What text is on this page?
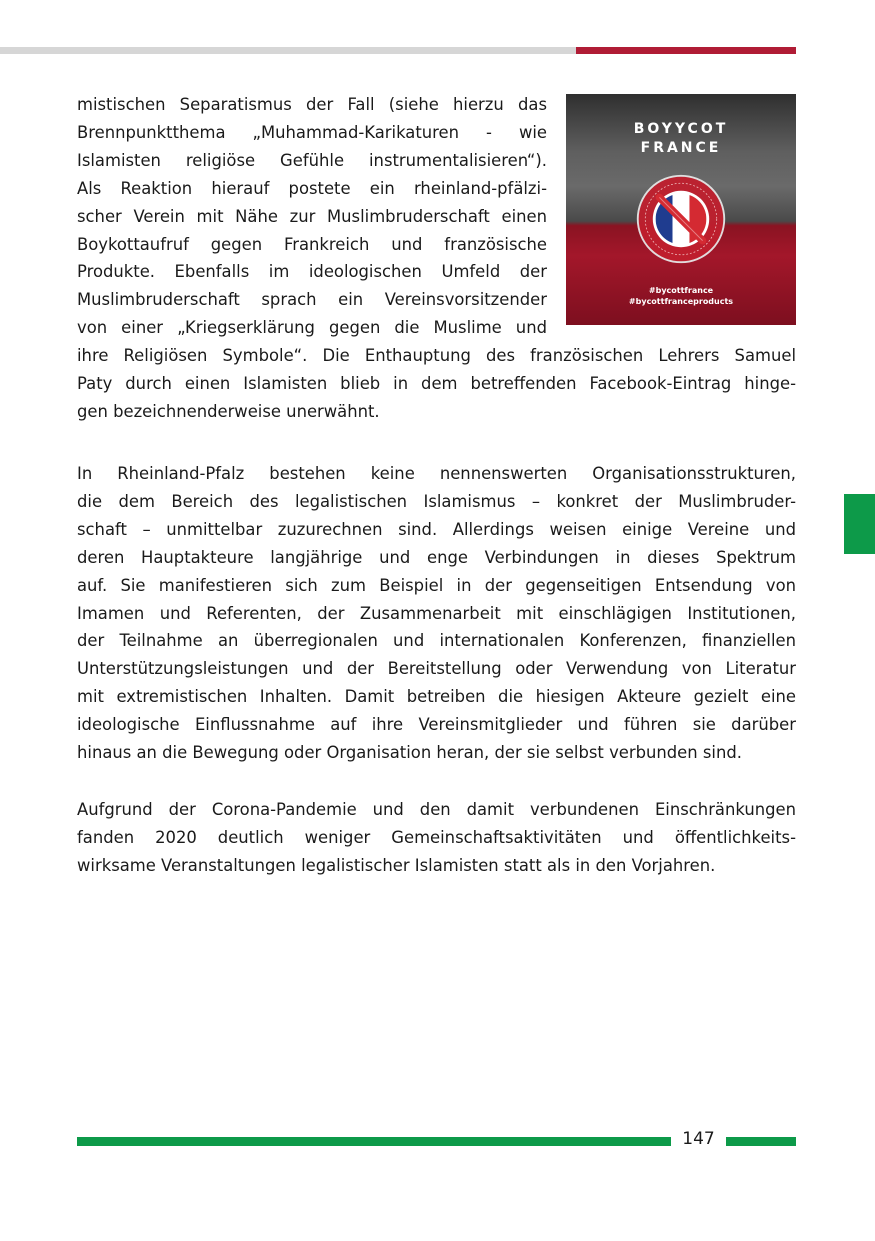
BOYYCOT
FRANCE
#bycottfrance
#bycottfranceproducts

mistischen Separatismus der Fall (siehe hierzu das

Brennpunktthema „Muhammad-Karikaturen - wie

Islamisten religiöse Gefühle instrumentalisieren“).

Als Reaktion hierauf postete ein rheinland-pfälzi-

scher Verein mit Nähe zur Muslimbruderschaft einen

Boykottaufruf gegen Frankreich und französische

Produkte. Ebenfalls im ideologischen Umfeld der

Muslimbruderschaft sprach ein Vereinsvorsitzender

von einer „Kriegserklärung gegen die Muslime und

ihre Religiösen Symbole“. Die Enthauptung des französischen Lehrers Samuel

Paty durch einen Islamisten blieb in dem betreffenden Facebook-Eintrag hinge-

gen bezeichnenderweise unerwähnt.

In Rheinland-Pfalz bestehen keine nennenswerten Organisationsstrukturen,

die dem Bereich des legalistischen Islamismus – konkret der Muslimbruder-

schaft – unmittelbar zuzurechnen sind. Allerdings weisen einige Vereine und

deren Hauptakteure langjährige und enge Verbindungen in dieses Spektrum

auf. Sie manifestieren sich zum Beispiel in der gegenseitigen Entsendung von

Imamen und Referenten, der Zusammenarbeit mit einschlägigen Institutionen,

der Teilnahme an überregionalen und internationalen Konferenzen, finanziellen

Unterstützungsleistungen und der Bereitstellung oder Verwendung von Literatur

mit extremistischen Inhalten. Damit betreiben die hiesigen Akteure gezielt eine

ideologische Einflussnahme auf ihre Vereinsmitglieder und führen sie darüber

hinaus an die Bewegung oder Organisation heran, der sie selbst verbunden sind.

Aufgrund der Corona-Pandemie und den damit verbundenen Einschränkungen

fanden 2020 deutlich weniger Gemeinschaftsaktivitäten und öffentlichkeits-

wirksame Veranstaltungen legalistischer Islamisten statt als in den Vorjahren.

147
